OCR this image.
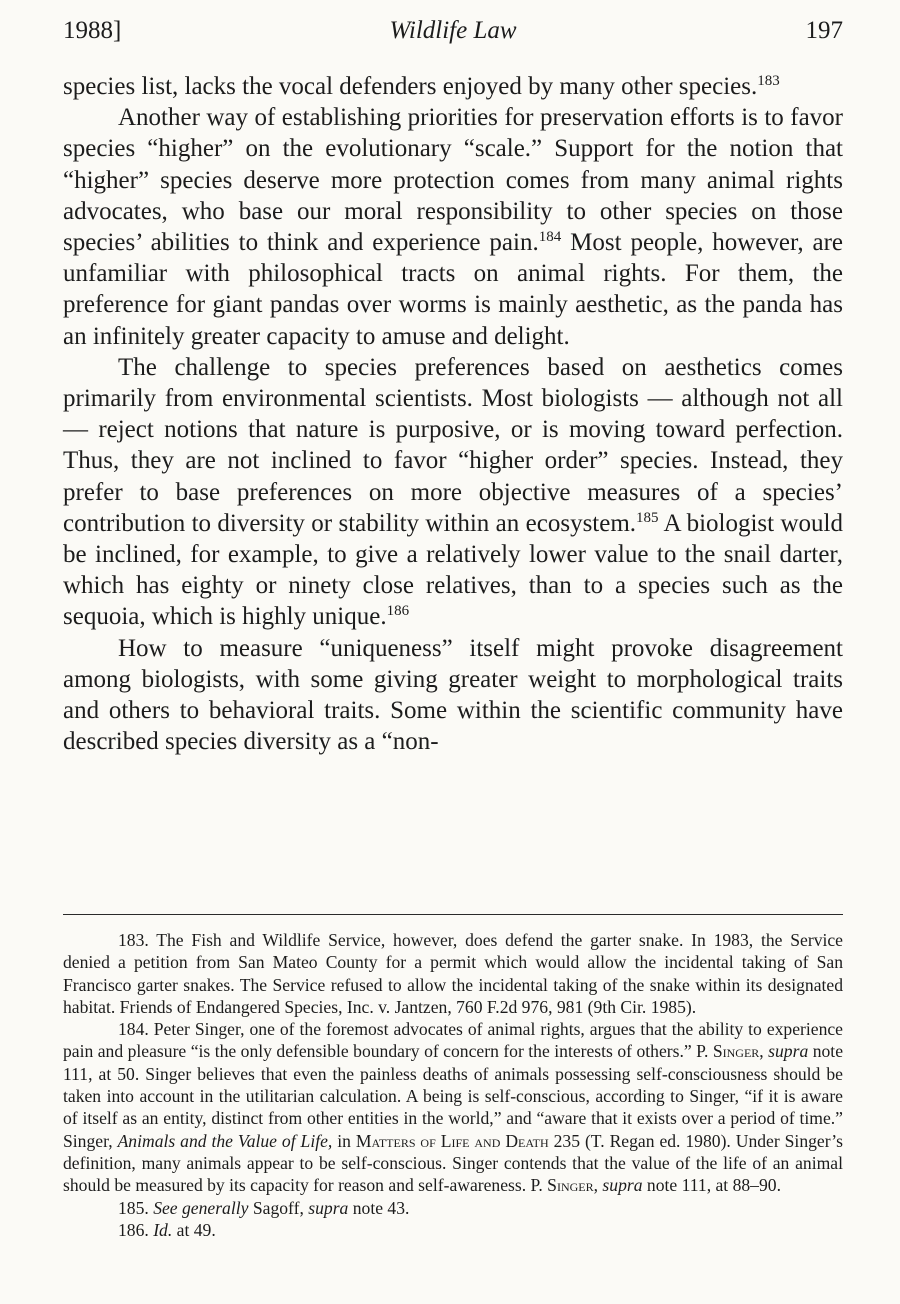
1988]	Wildlife Law	197

species list, lacks the vocal defenders enjoyed by many other species.$^{183}$

Another way of establishing priorities for preservation efforts is to favor species “higher” on the evolutionary “scale.” Support for the notion that “higher” species deserve more protection comes from many animal rights advocates, who base our moral responsibility to other species on those species’ abilities to think and experience pain.$^{184}$ Most people, however, are unfamiliar with philosophical tracts on animal rights. For them, the preference for giant pandas over worms is mainly aesthetic, as the panda has an infinitely greater capacity to amuse and delight.

The challenge to species preferences based on aesthetics comes primarily from environmental scientists. Most biologists — although not all — reject notions that nature is purposive, or is moving toward perfection. Thus, they are not inclined to favor “higher order” species. Instead, they prefer to base preferences on more objective measures of a species’ contribution to diversity or stability within an ecosystem.$^{185}$ A biologist would be inclined, for example, to give a relatively lower value to the snail darter, which has eighty or ninety close relatives, than to a species such as the sequoia, which is highly unique.$^{186}$

How to measure “uniqueness” itself might provoke disagreement among biologists, with some giving greater weight to morphological traits and others to behavioral traits. Some within the scientific community have described species diversity as a “non-

183. The Fish and Wildlife Service, however, does defend the garter snake. In 1983, the Service denied a petition from San Mateo County for a permit which would allow the incidental taking of San Francisco garter snakes. The Service refused to allow the incidental taking of the snake within its designated habitat. Friends of Endangered Species, Inc. v. Jantzen, 760 F.2d 976, 981 (9th Cir. 1985).

184. Peter Singer, one of the foremost advocates of animal rights, argues that the ability to experience pain and pleasure “is the only defensible boundary of concern for the interests of others.” P. Singer, supra note 111, at 50. Singer believes that even the painless deaths of animals possessing self-consciousness should be taken into account in the utilitarian calculation. A being is self-conscious, according to Singer, “if it is aware of itself as an entity, distinct from other entities in the world,” and “aware that it exists over a period of time.” Singer, Animals and the Value of Life, in Matters of Life and Death 235 (T. Regan ed. 1980). Under Singer’s definition, many animals appear to be self-conscious. Singer contends that the value of the life of an animal should be measured by its capacity for reason and self-awareness. P. Singer, supra note 111, at 88–90.

185. See generally Sagoff, supra note 43.

186. Id. at 49.
